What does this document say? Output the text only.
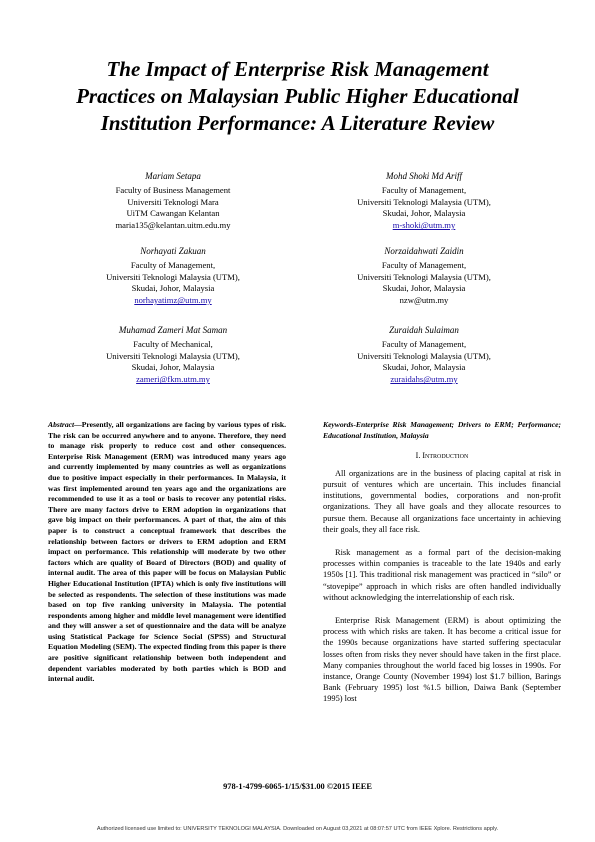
The Impact of Enterprise Risk Management
Practices on Malaysian Public Higher Educational
Institution Performance: A Literature Review
Mariam Setapa
Faculty of Business Management
Universiti Teknologi Mara
UiTM Cawangan Kelantan
maria135@kelantan.uitm.edu.my
Mohd Shoki Md Ariff
Faculty of Management,
Universiti Teknologi Malaysia (UTM),
Skudai, Johor, Malaysia
m-shoki@utm.my
Norhayati Zakuan
Faculty of Management,
Universiti Teknologi Malaysia (UTM),
Skudai, Johor, Malaysia
norhayatimz@utm.my
Norzaidahwati Zaidin
Faculty of Management,
Universiti Teknologi Malaysia (UTM),
Skudai, Johor, Malaysia
nzw@utm.my
Muhamad Zameri Mat Saman
Faculty of Mechanical,
Universiti Teknologi Malaysia (UTM),
Skudai, Johor, Malaysia
zameri@fkm.utm.my
Zuraidah Sulaiman
Faculty of Management,
Universiti Teknologi Malaysia (UTM),
Skudai, Johor, Malaysia
zuraidahs@utm.my
Abstract—Presently, all organizations are facing by various types of risk. The risk can be occurred anywhere and to anyone. Therefore, they need to manage risk properly to reduce cost and other consequences. Enterprise Risk Management (ERM) was introduced many years ago and currently implemented by many countries as well as organizations due to positive impact especially in their performances. In Malaysia, it was first implemented around ten years ago and the organizations are recommended to use it as a tool or basis to recover any potential risks. There are many factors drive to ERM adoption in organizations that gave big impact on their performances. A part of that, the aim of this paper is to construct a conceptual framework that describes the relationship between factors or drivers to ERM adoption and ERM impact on performance. This relationship will moderate by two other factors which are quality of Board of Directors (BOD) and quality of internal audit. The area of this paper will be focus on Malaysian Public Higher Educational Institution (IPTA) which is only five institutions will be selected as respondents. The selection of these institutions was made based on top five ranking university in Malaysia. The potential respondents among higher and middle level management were identified and they will answer a set of questionnaire and the data will be analyze using Statistical Package for Science Social (SPSS) and Structural Equation Modeling (SEM). The expected finding from this paper is there are positive significant relationship between both independent and dependent variables moderated by both parties which is BOD and internal audit.
Keywords-Enterprise Risk Management; Drivers to ERM; Performance; Educational Institution, Malaysia
I. Introduction
All organizations are in the business of placing capital at risk in pursuit of ventures which are uncertain. This includes financial institutions, governmental bodies, corporations and non-profit organizations. They all have goals and they allocate resources to pursue them. Because all organizations face uncertainty in achieving their goals, they all face risk.
Risk management as a formal part of the decision-making processes within companies is traceable to the late 1940s and early 1950s [1]. This traditional risk management was practiced in “silo” or “stovepipe” approach in which risks are often handled individually without acknowledging the interrelationship of each risk.
Enterprise Risk Management (ERM) is about optimizing the process with which risks are taken. It has become a critical issue for the 1990s because organizations have started suffering spectacular losses often from risks they never should have taken in the first place. Many companies throughout the world faced big losses in 1990s. For instance, Orange County (November 1994) lost $1.7 billion, Barings Bank (February 1995) lost %1.5 billion, Daiwa Bank (September 1995) lost
978-1-4799-6065-1/15/$31.00 ©2015 IEEE
Authorized licensed use limited to: UNIVERSITY TEKNOLOGI MALAYSIA. Downloaded on August 03,2021 at 08:07:57 UTC from IEEE Xplore. Restrictions apply.
